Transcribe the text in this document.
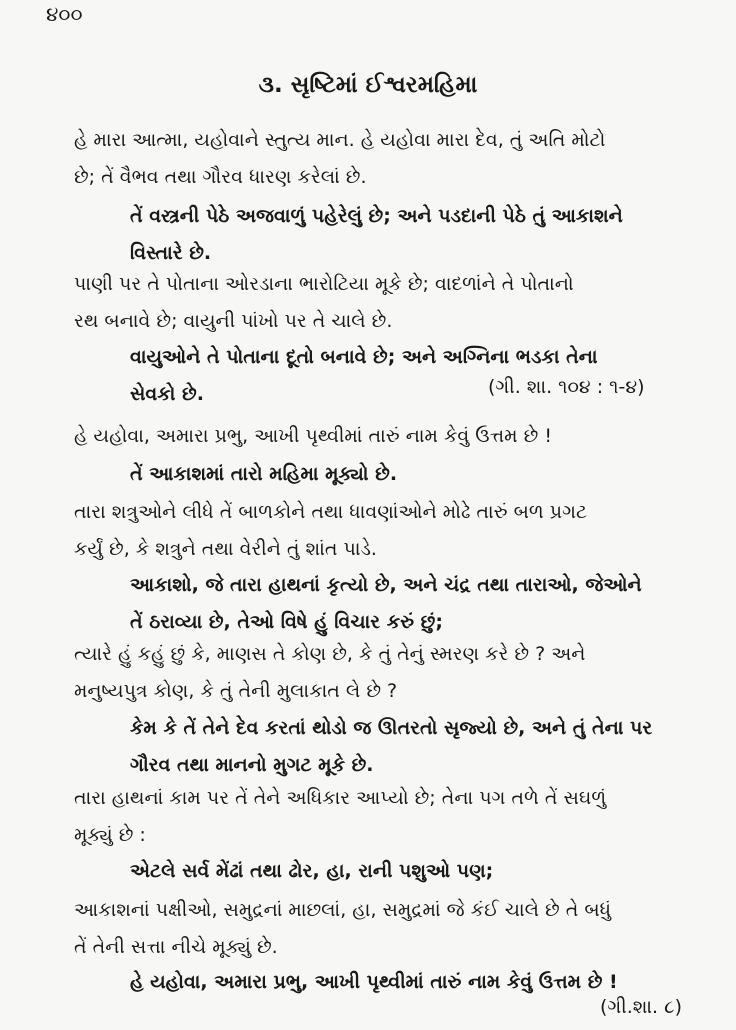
૪૦૦
૩. સૃષ્ટિમાં ઈશ્વરમહિમા
હે મારા આત્મા, યહોવાને સ્તુત્ય માન. હે યહોવા મારા દેવ, તું અતિ મોટો
છે; તેં વૈભવ તથા ગૌરવ ધારણ કરેલાં છે.
તેં વસ્ત્રની પેઠે અજવાળું પહેરેલું છે; અને પડદાની પેઠે તું આકાશને
વિસ્તારે છે.
પાણી પર તે પોતાના ઓરડાના ભારોટિયા મૂકે છે; વાદળાંને તે પોતાનો
રથ બનાવે છે; વાયુની પાંખો પર તે ચાલે છે.
વાયુઓને તે પોતાના દૂતો બનાવે છે; અને અગ્નિના ભડકા તેના
સેવકો છે.	(ગી. શા. ૧૦૪ : ૧-૪)
હે યહોવા, અમારા પ્રભુ, આખી પૃથ્વીમાં તારું નામ કેવું ઉત્તમ છે !
તેં આકાશમાં તારો મહિમા મૂક્યો છે.
તારા શત્રુઓને લીધે તેં બાળકોને તથા ધાવણાંઓને મોઢે તારું બળ પ્રગટ
કર્યું છે, કે શત્રુને તથા વેરીને તું શાંત પાડે.
આકાશો, જે તારા હાથનાં કૃત્યો છે, અને ચંદ્ર તથા તારાઓ, જેઓને
તેં ઠરાવ્યા છે, તેઓ વિષે હું વિચાર કરું છું;
ત્યારે હું કહું છું કે, માણસ તે કોણ છે, કે તું તેનું સ્મરણ કરે છે ? અને
મનુષ્યપુત્ર કોણ, કે તું તેની મુલાકાત લે છે ?
કેમ કે તેં તેને દેવ કરતાં થોડો જ ઊતરતો સૃજ્યો છે, અને તું તેના પર
ગૌરવ તથા માનનો મુગટ મૂકે છે.
તારા હાથનાં કામ પર તેં તેને અધિકાર આપ્યો છે; તેના પગ તળે તેં સઘળું
મૂક્યું છે :
એટલે સર્વ મેંઢાં તથા ઢોર, હા, રાની પશુઓ પણ;
આકાશનાં પક્ષીઓ, સમુદ્રનાં માછલાં, હા, સમુદ્રમાં જે કંઈ ચાલે છે તે બધું
તેં તેની સત્તા નીચે મૂક્યું છે.
હે યહોવા, અમારા પ્રભુ, આખી પૃથ્વીમાં તારું નામ કેવું ઉત્તમ છે !
(ગી.શા. ૮)
